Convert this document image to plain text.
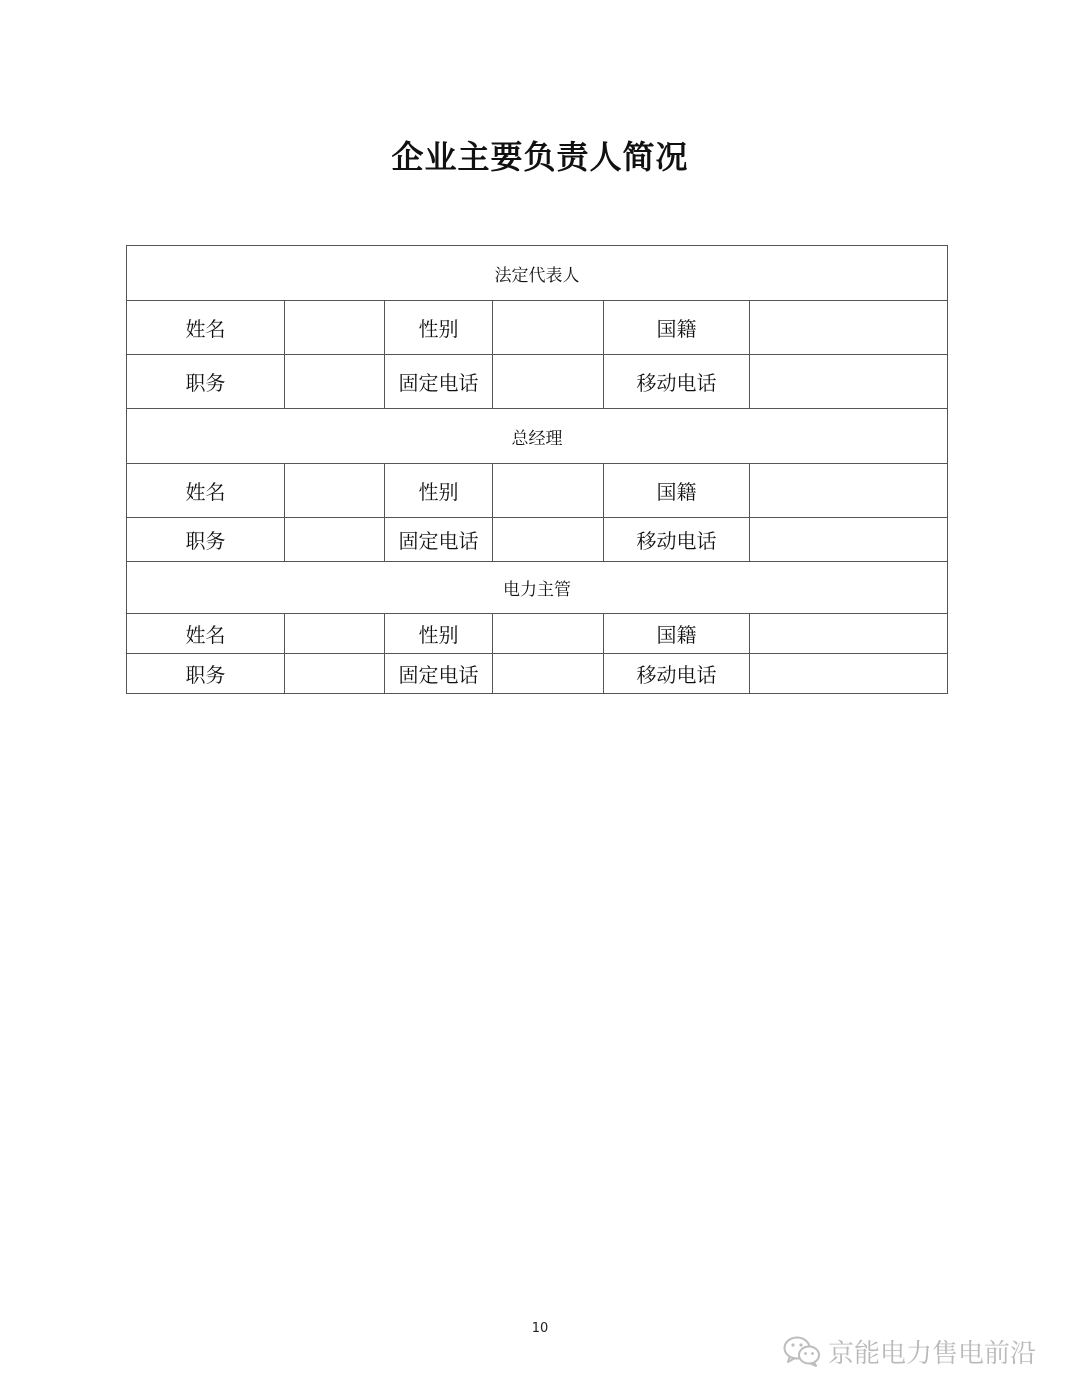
企业主要负责人简况
法定代表人					
姓名		性别		国籍	
职务		固定电话		移动电话	
总经理					
姓名		性别		国籍	
职务		固定电话		移动电话	
电力主管					
姓名		性别		国籍	
职务		固定电话		移动电话	
10
京能电力售电前沿
